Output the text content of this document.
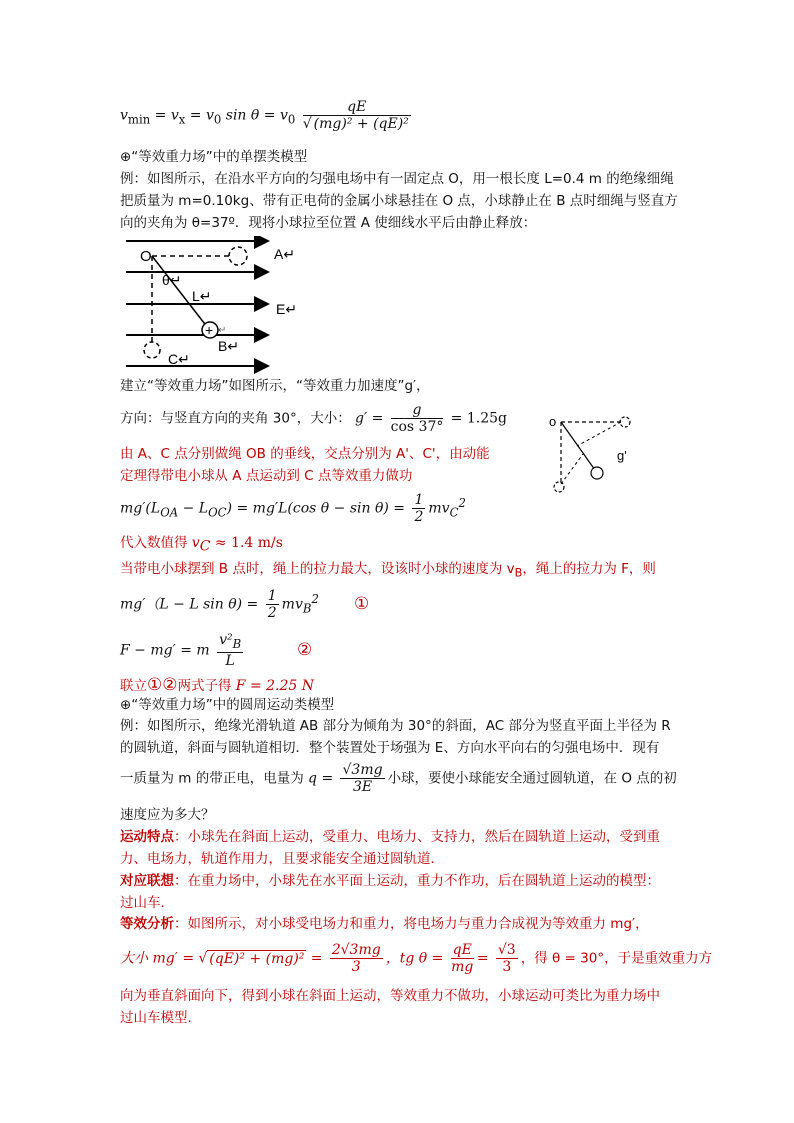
$v_{min} = v_x = v_0$ $\sin \theta = v_0 \frac{qE}{\text{√ (mg)² + (qE)²}}$
⊕“等效重力场”中的单摆类模型
例：如图所示，在沿水平方向的匀强电场中有一固定点 O，用一根长度 L=0.4 m 的绝缘细绳
把质量为 m=0.10kg、带有正电荷的金属小球悬挂在 O 点，小球静止在 B 点时细绳与竖直方
向的夹角为 θ=37º．现将小球拉至位置 A 使细线水平后由静止释放：
+ ↵
O	A↵
θ↵
L↵
E↵
B↵
C↵
o
g'
建立“等效重力场”如图所示，“等效重力加速度”g′，
方向：与竖直方向的夹角 30°，大小： $g' = \frac{g}{\cos 37^\circ} = 1.25g$
由 A、C 点分别做绳 OB 的垂线，交点分别为 A'、C'，由动能
定理得带电小球从 A 点运动到 C 点等效重力做功
$mg'(L_{OA} - L_{OC}) = mg'L(\cos$ $\theta - \sin \theta) = \frac{1}{2} mv_C^2$
代入数值得 $v_C \approx 1.4$ m/s
当带电小球摆到 B 点时，绳上的拉力最大，设该时小球的速度为 $v_B$，绳上的拉力为 F，则
mg′（L − L $\sin \theta) = \frac{1}{2} mv_B^2$ ①
F − mg′ = m $\frac{v^2_B}{L}$	②
联立①②两式子得 F = 2.25 N
⊕“等效重力场”中的圆周运动类模型
例：如图所示，绝缘光滑轨道 AB 部分为倾角为 30°的斜面，AC 部分为竖直平面上半径为 R
的圆轨道，斜面与圆轨道相切．整个装置处于场强为 E、方向水平向右的匀强电场中．现有
一质量为 m 的带正电，电量为 $q = \frac{√3mg}{3E}$ 小球，要使小球能安全通过圆轨道，在 O 点的初
速度应为多大？
运动特点：小球先在斜面上运动，受重力、电场力、支持力，然后在圆轨道上运动，受到重
力、电场力，轨道作用力，且要求能安全通过圆轨道．
对应联想：在重力场中，小球先在水平面上运动，重力不作功，后在圆轨道上运动的模型：
过山车．
等效分析：如图所示，对小球受电场力和重力，将电场力与重力合成视为等效重力 mg′，
大小 mg′ = √ $(qE)^2 + (mg)^2 = \frac{2√3mg}{3}$ ，tg $\theta = \frac{qE}{mg} = \frac{√3}{3}$ ，得 θ = 30°，于是重效重力方
向为垂直斜面向下，得到小球在斜面上运动，等效重力不做功，小球运动可类比为重力场中
过山车模型．
